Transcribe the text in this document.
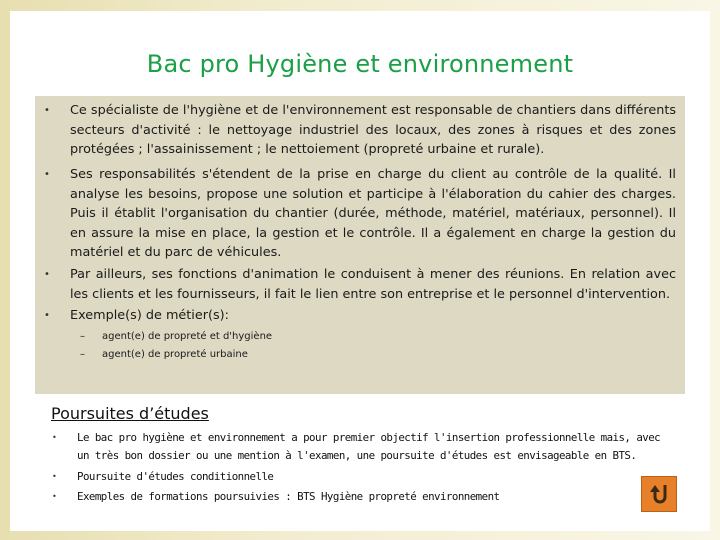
Bac pro Hygiène et environnement
• Ce spécialiste de l'hygiène et de l'environnement est responsable de chantiers dans différents secteurs d'activité : le nettoyage industriel des locaux, des zones à risques et des zones protégées ; l'assainissement ; le nettoiement (propreté urbaine et rurale).
• Ses responsabilités s'étendent de la prise en charge du client au contrôle de la qualité. Il analyse les besoins, propose une solution et participe à l'élaboration du cahier des charges. Puis il établit l'organisation du chantier (durée, méthode, matériel, matériaux, personnel). Il en assure la mise en place, la gestion et le contrôle. Il a également en charge la gestion du matériel et du parc de véhicules.
• Par ailleurs, ses fonctions d'animation le conduisent à mener des réunions. En relation avec les clients et les fournisseurs, il fait le lien entre son entreprise et le personnel d'intervention.
• Exemple(s) de métier(s):
– agent(e) de propreté et d'hygiène
– agent(e) de propreté urbaine
Poursuites d’études
• Le bac pro hygiène et environnement a pour premier objectif l'insertion professionnelle mais, avec un très bon dossier ou une mention à l'examen, une poursuite d'études est envisageable en BTS.
• Poursuite d'études conditionnelle
• Exemples de formations poursuivies : BTS Hygiène propreté environnement
